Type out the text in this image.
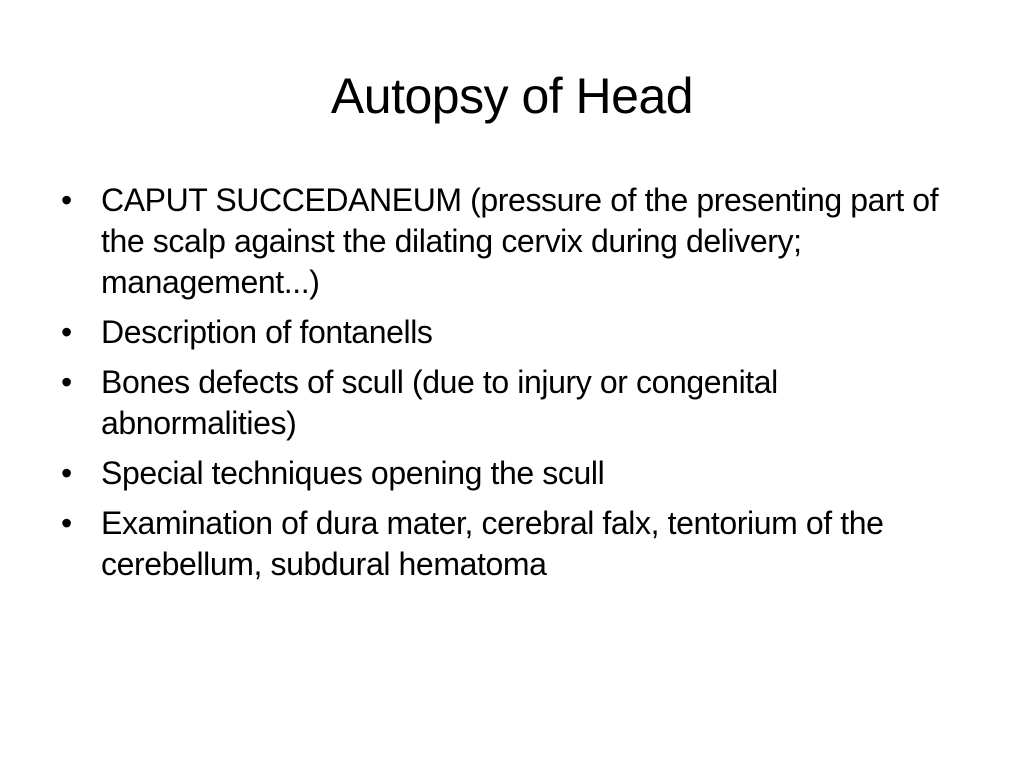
Autopsy of Head
• CAPUT SUCCEDANEUM (pressure of the presenting part of the scalp against the dilating cervix during delivery; management...)
• Description of fontanells
• Bones defects of scull (due to injury or congenital abnormalities)
• Special techniques opening the scull
• Examination of dura mater, cerebral falx, tentorium of the cerebellum, subdural hematoma
